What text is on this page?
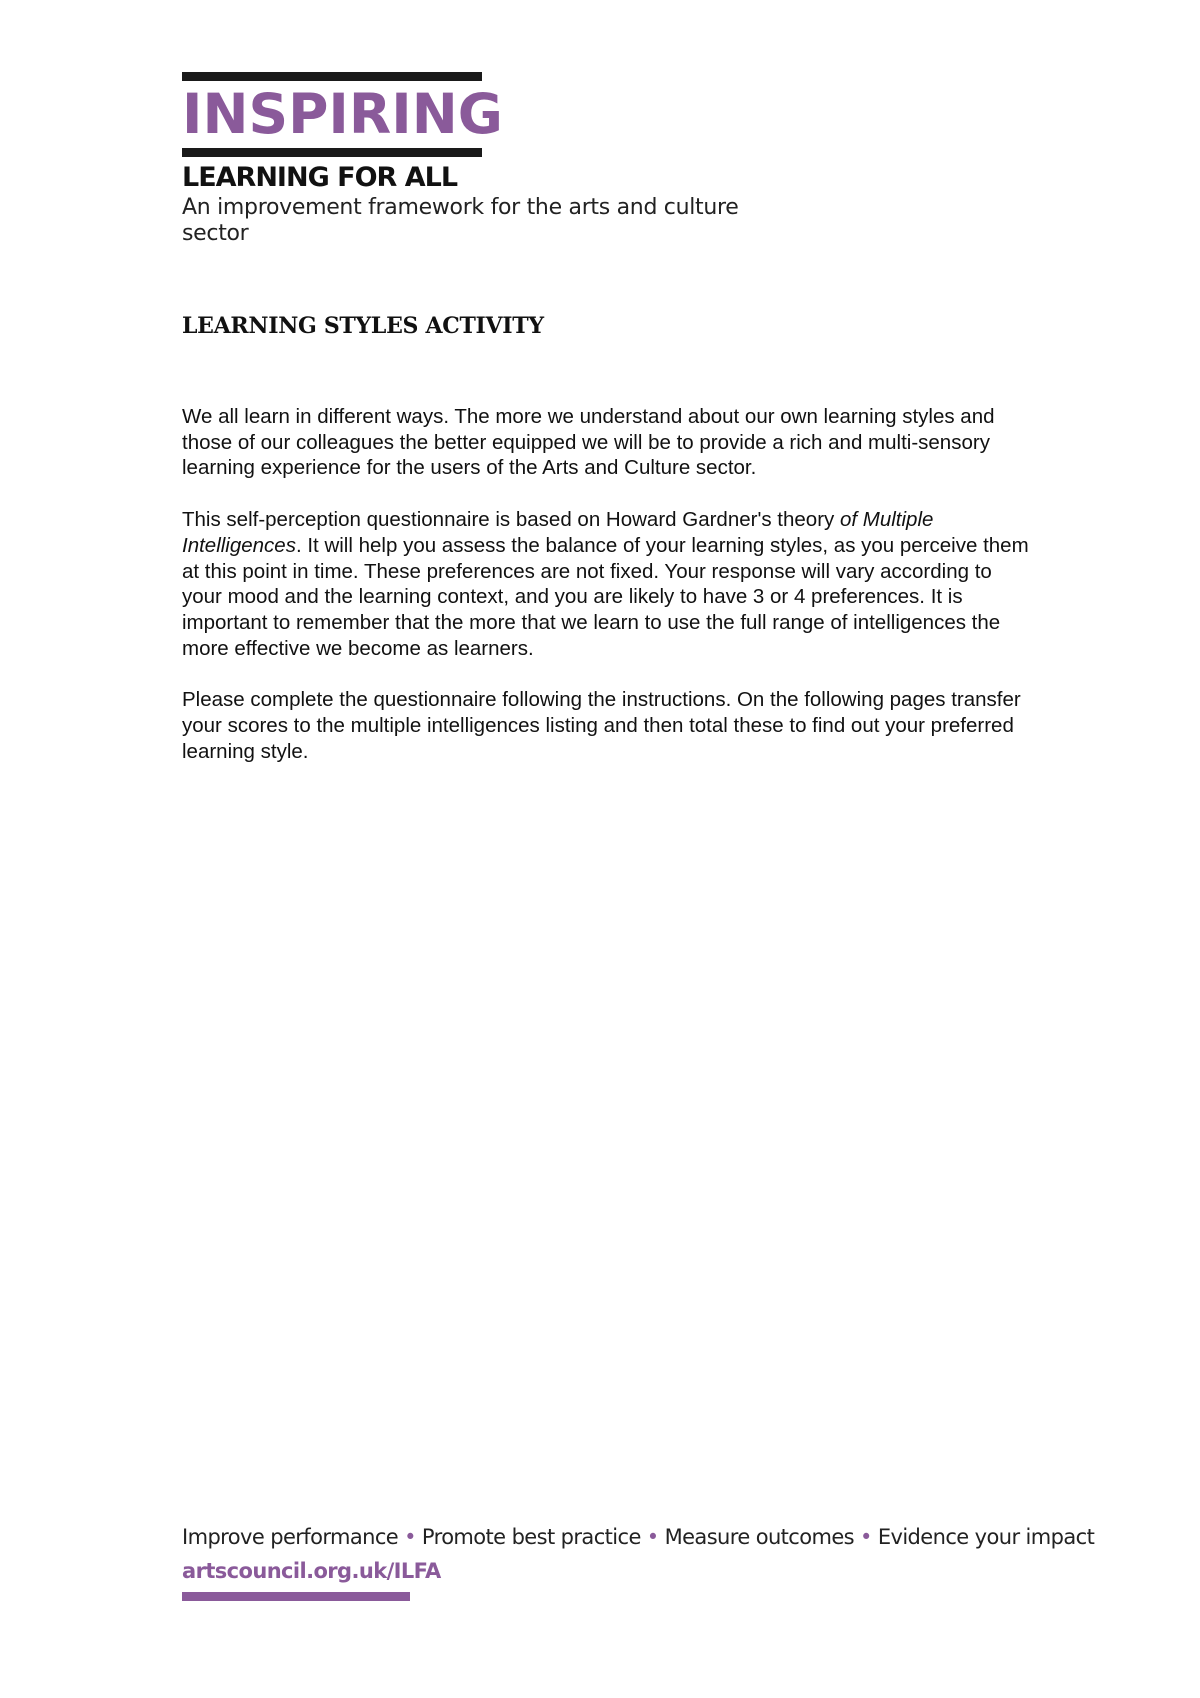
INSPIRING
LEARNING FOR ALL
An improvement framework for the arts and culture sector
LEARNING STYLES ACTIVITY

We all learn in different ways. The more we understand about our own learning styles and those of our colleagues the better equipped we will be to provide a rich and multi-sensory learning experience for the users of the Arts and Culture sector.

This self-perception questionnaire is based on Howard Gardner's theory of Multiple Intelligences. It will help you assess the balance of your learning styles, as you perceive them at this point in time. These preferences are not fixed. Your response will vary according to your mood and the learning context, and you are likely to have 3 or 4 preferences. It is important to remember that the more that we learn to use the full range of intelligences the more effective we become as learners.

Please complete the questionnaire following the instructions. On the following pages transfer your scores to the multiple intelligences listing and then total these to find out your preferred learning style.

Improve performance • Promote best practice • Measure outcomes • Evidence your impact
artscouncil.org.uk/ILFA
